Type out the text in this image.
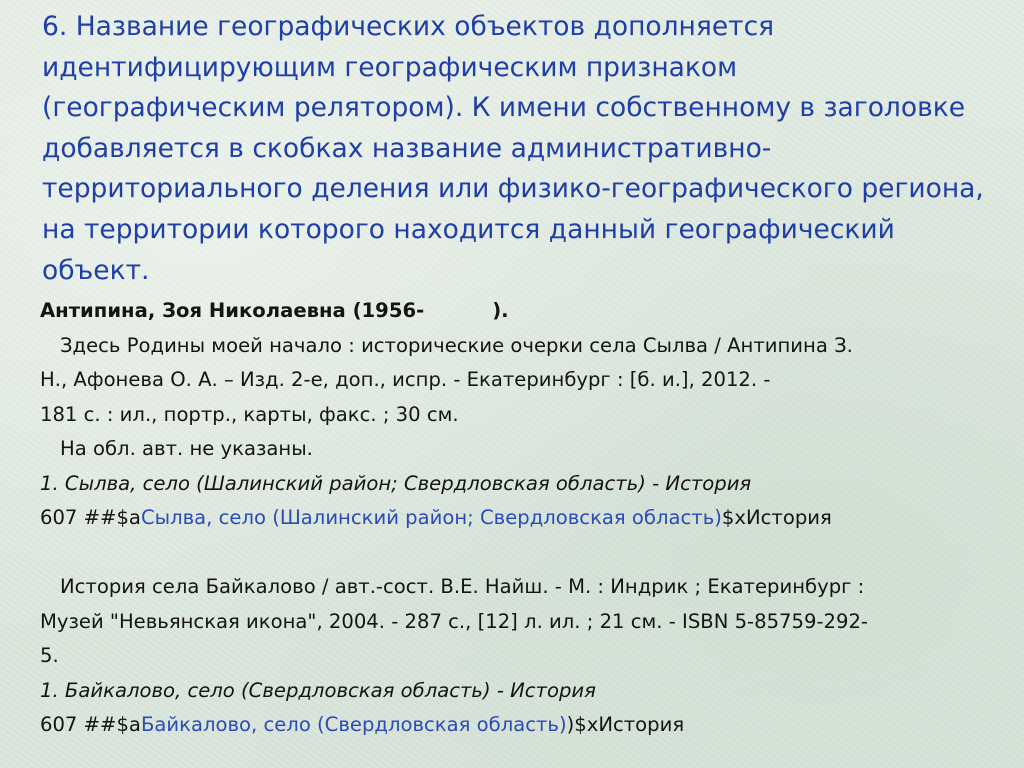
6. Название географических объектов дополняется
идентифицирующим географическим признаком
(географическим релятором). К имени собственному в заголовке
добавляется в скобках название административно-
территориального деления или физико-географического региона,
на территории которого находится данный географический
объект.
Антипина, Зоя Николаевна (1956-	).
Здесь Родины моей начало : исторические очерки села Сылва / Антипина З.
Н., Афонева О. А. – Изд. 2-е, доп., испр. - Екатеринбург : [б. и.], 2012. -
181 с. : ил., портр., карты, факс. ; 30 см.
На обл. авт. не указаны.
1. Сылва, село (Шалинский район; Свердловская область) - История
607 ##$aСылва, село (Шалинский район; Свердловская область)$xИстория
История села Байкалово / авт.-сост. В.Е. Найш. - М. : Индрик ; Екатеринбург :
Музей "Невьянская икона", 2004. - 287 с., [12] л. ил. ; 21 см. - ISBN 5-85759-292-
5.
1. Байкалово, село (Свердловская область) - История
607 ##$aБайкалово, село (Свердловская область))$xИстория
